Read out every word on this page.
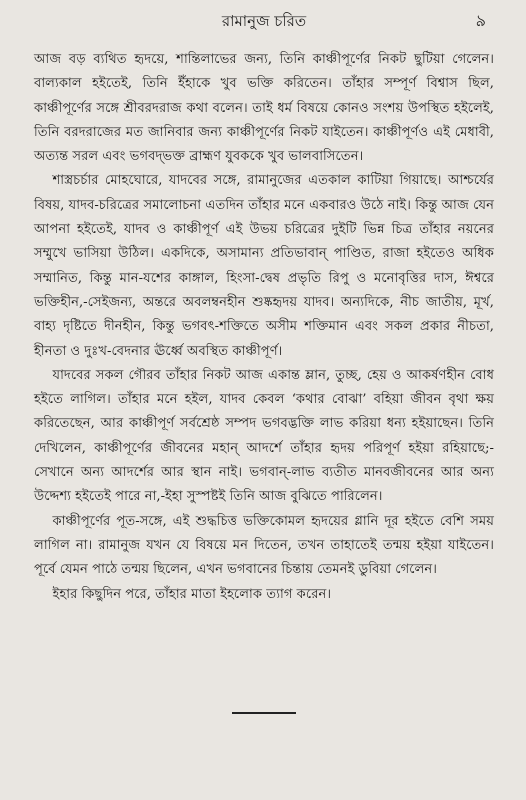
রামানুজ চরিত	৯

আজ বড় ব্যথিত হৃদয়ে, শান্তিলাভের জন্য, তিনি কাঞ্চীপূর্ণের নিকট ছুটিয়া গেলেন। বাল্যকাল হইতেই, তিনি ইঁহাকে খুব ভক্তি করিতেন। তাঁহার সম্পূর্ণ বিশ্বাস ছিল, কাঞ্চীপূর্ণের সঙ্গে শ্রীবরদরাজ কথা বলেন। তাই ধর্ম বিষয়ে কোনও সংশয় উপস্থিত হইলেই, তিনি বরদরাজের মত জানিবার জন্য কাঞ্চীপূর্ণের নিকট যাইতেন। কাঞ্চীপূর্ণও এই মেধাবী, অত্যন্ত সরল এবং ভগবদ্‌ভক্ত ব্রাহ্মণ যুবককে খুব ভালবাসিতেন।

শাস্ত্রচর্চার মোহঘোরে, যাদবের সঙ্গে, রামানুজের এতকাল কাটিয়া গিয়াছে। আশ্চর্যের বিষয়, যাদব-চরিত্রের সমালোচনা এতদিন তাঁহার মনে একবারও উঠে নাই। কিন্তু আজ যেন আপনা হইতেই, যাদব ও কাঞ্চীপূর্ণ এই উভয় চরিত্রের দুইটি ভিন্ন চিত্র তাঁহার নয়নের সম্মুখে ভাসিয়া উঠিল। একদিকে, অসামান্য প্রতিভাবান্ পাণ্ডিত, রাজা হইতেও অধিক সম্মানিত, কিন্তু মান-যশের কাঙ্গাল, হিংসা-দ্বেষ প্রভৃতি রিপু ও মনোবৃত্তির দাস, ঈশ্বরে ভক্তিহীন,-সেইজন্য, অন্তরে অবলম্বনহীন শুষ্কহৃদয় যাদব। অন্যদিকে, নীচ জাতীয়, মূর্খ, বাহ্য দৃষ্টিতে দীনহীন, কিন্তু ভগবৎ-শক্তিতে অসীম শক্তিমান এবং সকল প্রকার নীচতা, হীনতা ও দুঃখ-বেদনার ঊর্ধ্বে অবস্থিত কাঞ্চীপূর্ণ।

যাদবের সকল গৌরব তাঁহার নিকট আজ একান্ত ম্লান, তুচ্ছ, হেয় ও আকর্ষণহীন বোধ হইতে লাগিল। তাঁহার মনে হইল, যাদব কেবল ‘কথার বোঝা’ বহিয়া জীবন বৃথা ক্ষয় করিতেছেন, আর কাঞ্চীপূর্ণ সর্বশ্রেষ্ঠ সম্পদ ভগবদ্ভক্তি লাভ করিয়া ধন্য হইয়াছেন। তিনি দেখিলেন, কাঞ্চীপূর্ণের জীবনের মহান্ আদর্শে তাঁহার হৃদয় পরিপূর্ণ হইয়া রহিয়াছে;-সেখানে অন্য আদর্শের আর স্থান নাই। ভগবান্-লাভ ব্যতীত মানবজীবনের আর অন্য উদ্দেশ্য হইতেই পারে না,-ইহা সুস্পষ্টই তিনি আজ বুঝিতে পারিলেন।

কাঞ্চীপূর্ণের পূত-সঙ্গে, এই শুদ্ধচিত্ত ভক্তিকোমল হৃদয়ের গ্লানি দূর হইতে বেশি সময় লাগিল না। রামানুজ যখন যে বিষয়ে মন দিতেন, তখন তাহাতেই তন্ময় হইয়া যাইতেন। পূর্বে যেমন পাঠে তন্ময় ছিলেন, এখন ভগবানের চিন্তায় তেমনই ডুবিয়া গেলেন।

ইহার কিছুদিন পরে, তাঁহার মাতা ইহলোক ত্যাগ করেন।
